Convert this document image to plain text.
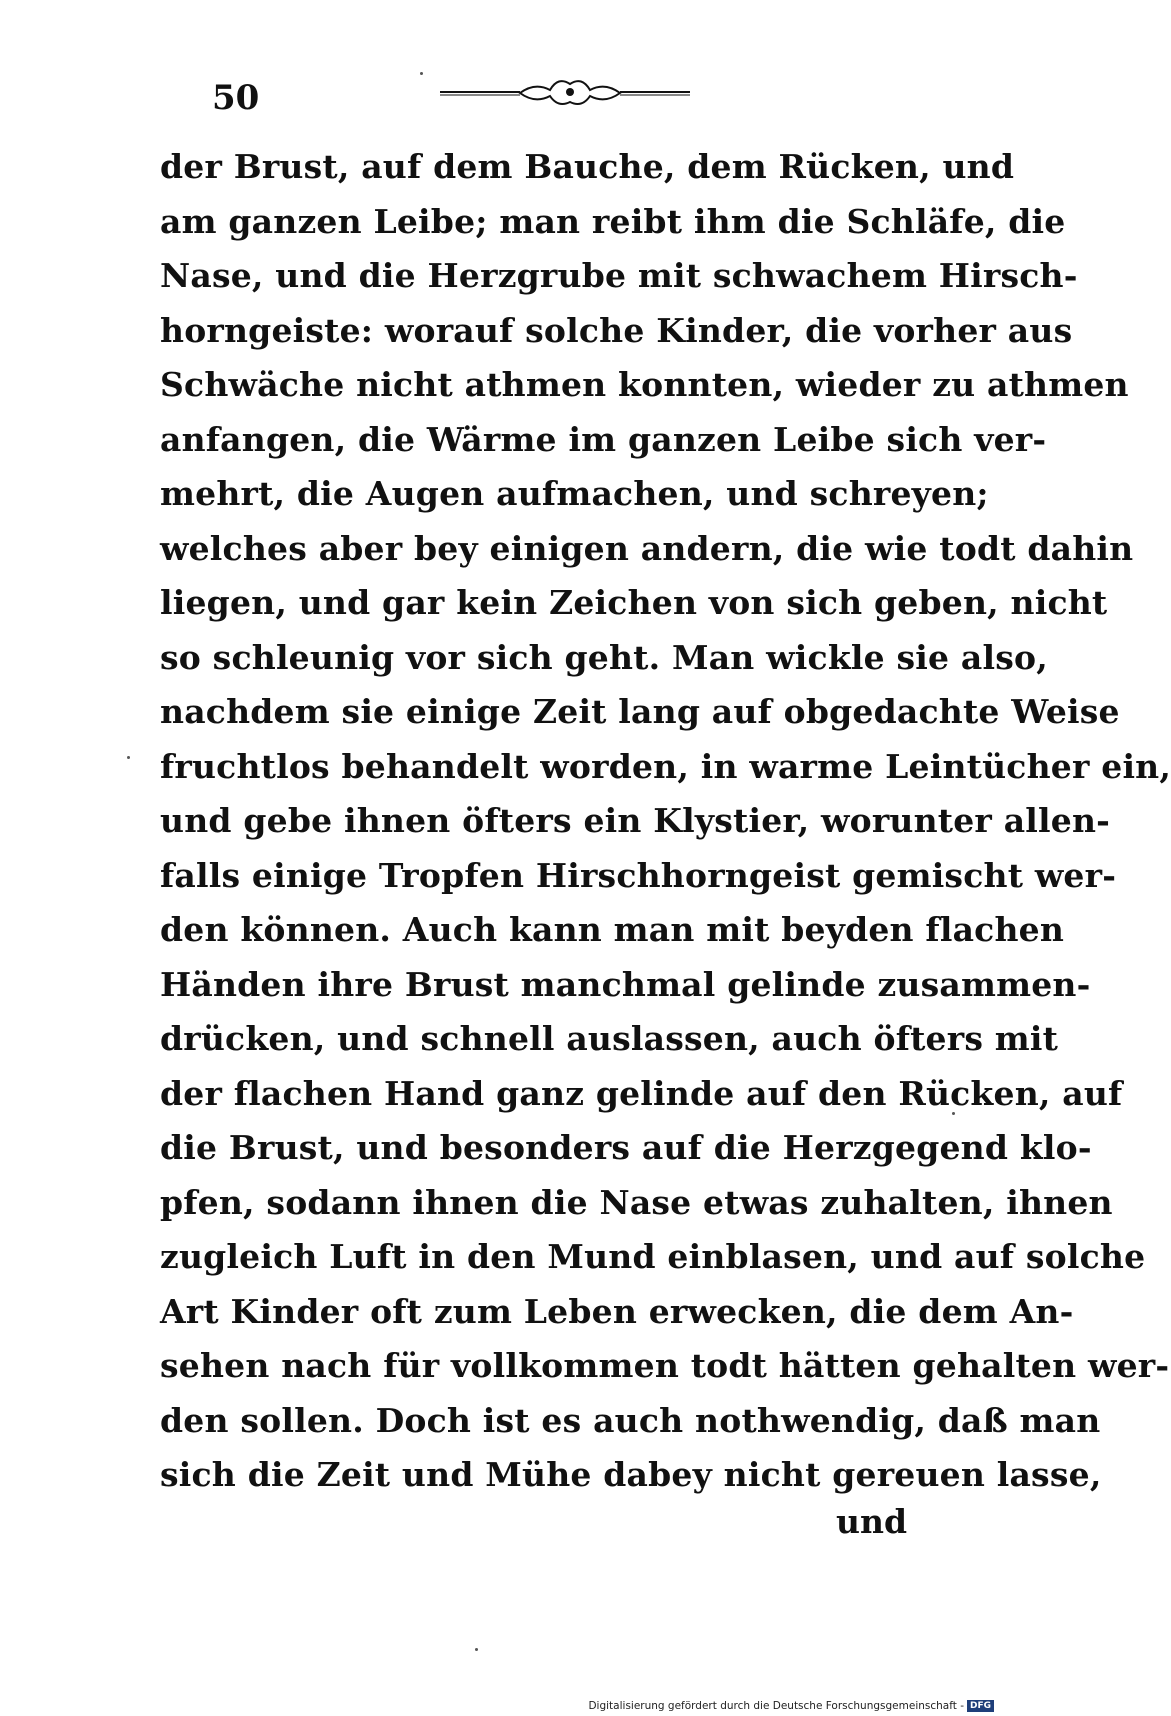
50
der Brust, auf dem Bauche, dem Rücken, und
am ganzen Leibe; man reibt ihm die Schläfe, die
Nase, und die Herzgrube mit schwachem Hirsch-
horngeiste: worauf solche Kinder, die vorher aus
Schwäche nicht athmen konnten, wieder zu athmen
anfangen, die Wärme im ganzen Leibe sich ver-
mehrt, die Augen aufmachen, und schreyen;
welches aber bey einigen andern, die wie todt dahin
liegen, und gar kein Zeichen von sich geben, nicht
so schleunig vor sich geht. Man wickle sie also,
nachdem sie einige Zeit lang auf obgedachte Weise
fruchtlos behandelt worden, in warme Leintücher ein,
und gebe ihnen öfters ein Klystier, worunter allen-
falls einige Tropfen Hirschhorngeist gemischt wer-
den können. Auch kann man mit beyden flachen
Händen ihre Brust manchmal gelinde zusammen-
drücken, und schnell auslassen, auch öfters mit
der flachen Hand ganz gelinde auf den Rücken, auf
die Brust, und besonders auf die Herzgegend klo-
pfen, sodann ihnen die Nase etwas zuhalten, ihnen
zugleich Luft in den Mund einblasen, und auf solche
Art Kinder oft zum Leben erwecken, die dem An-
sehen nach für vollkommen todt hätten gehalten wer-
den sollen. Doch ist es auch nothwendig, daß man
sich die Zeit und Mühe dabey nicht gereuen lasse,
und
Digitalisierung gefördert durch die Deutsche Forschungsgemeinschaft - DFG
